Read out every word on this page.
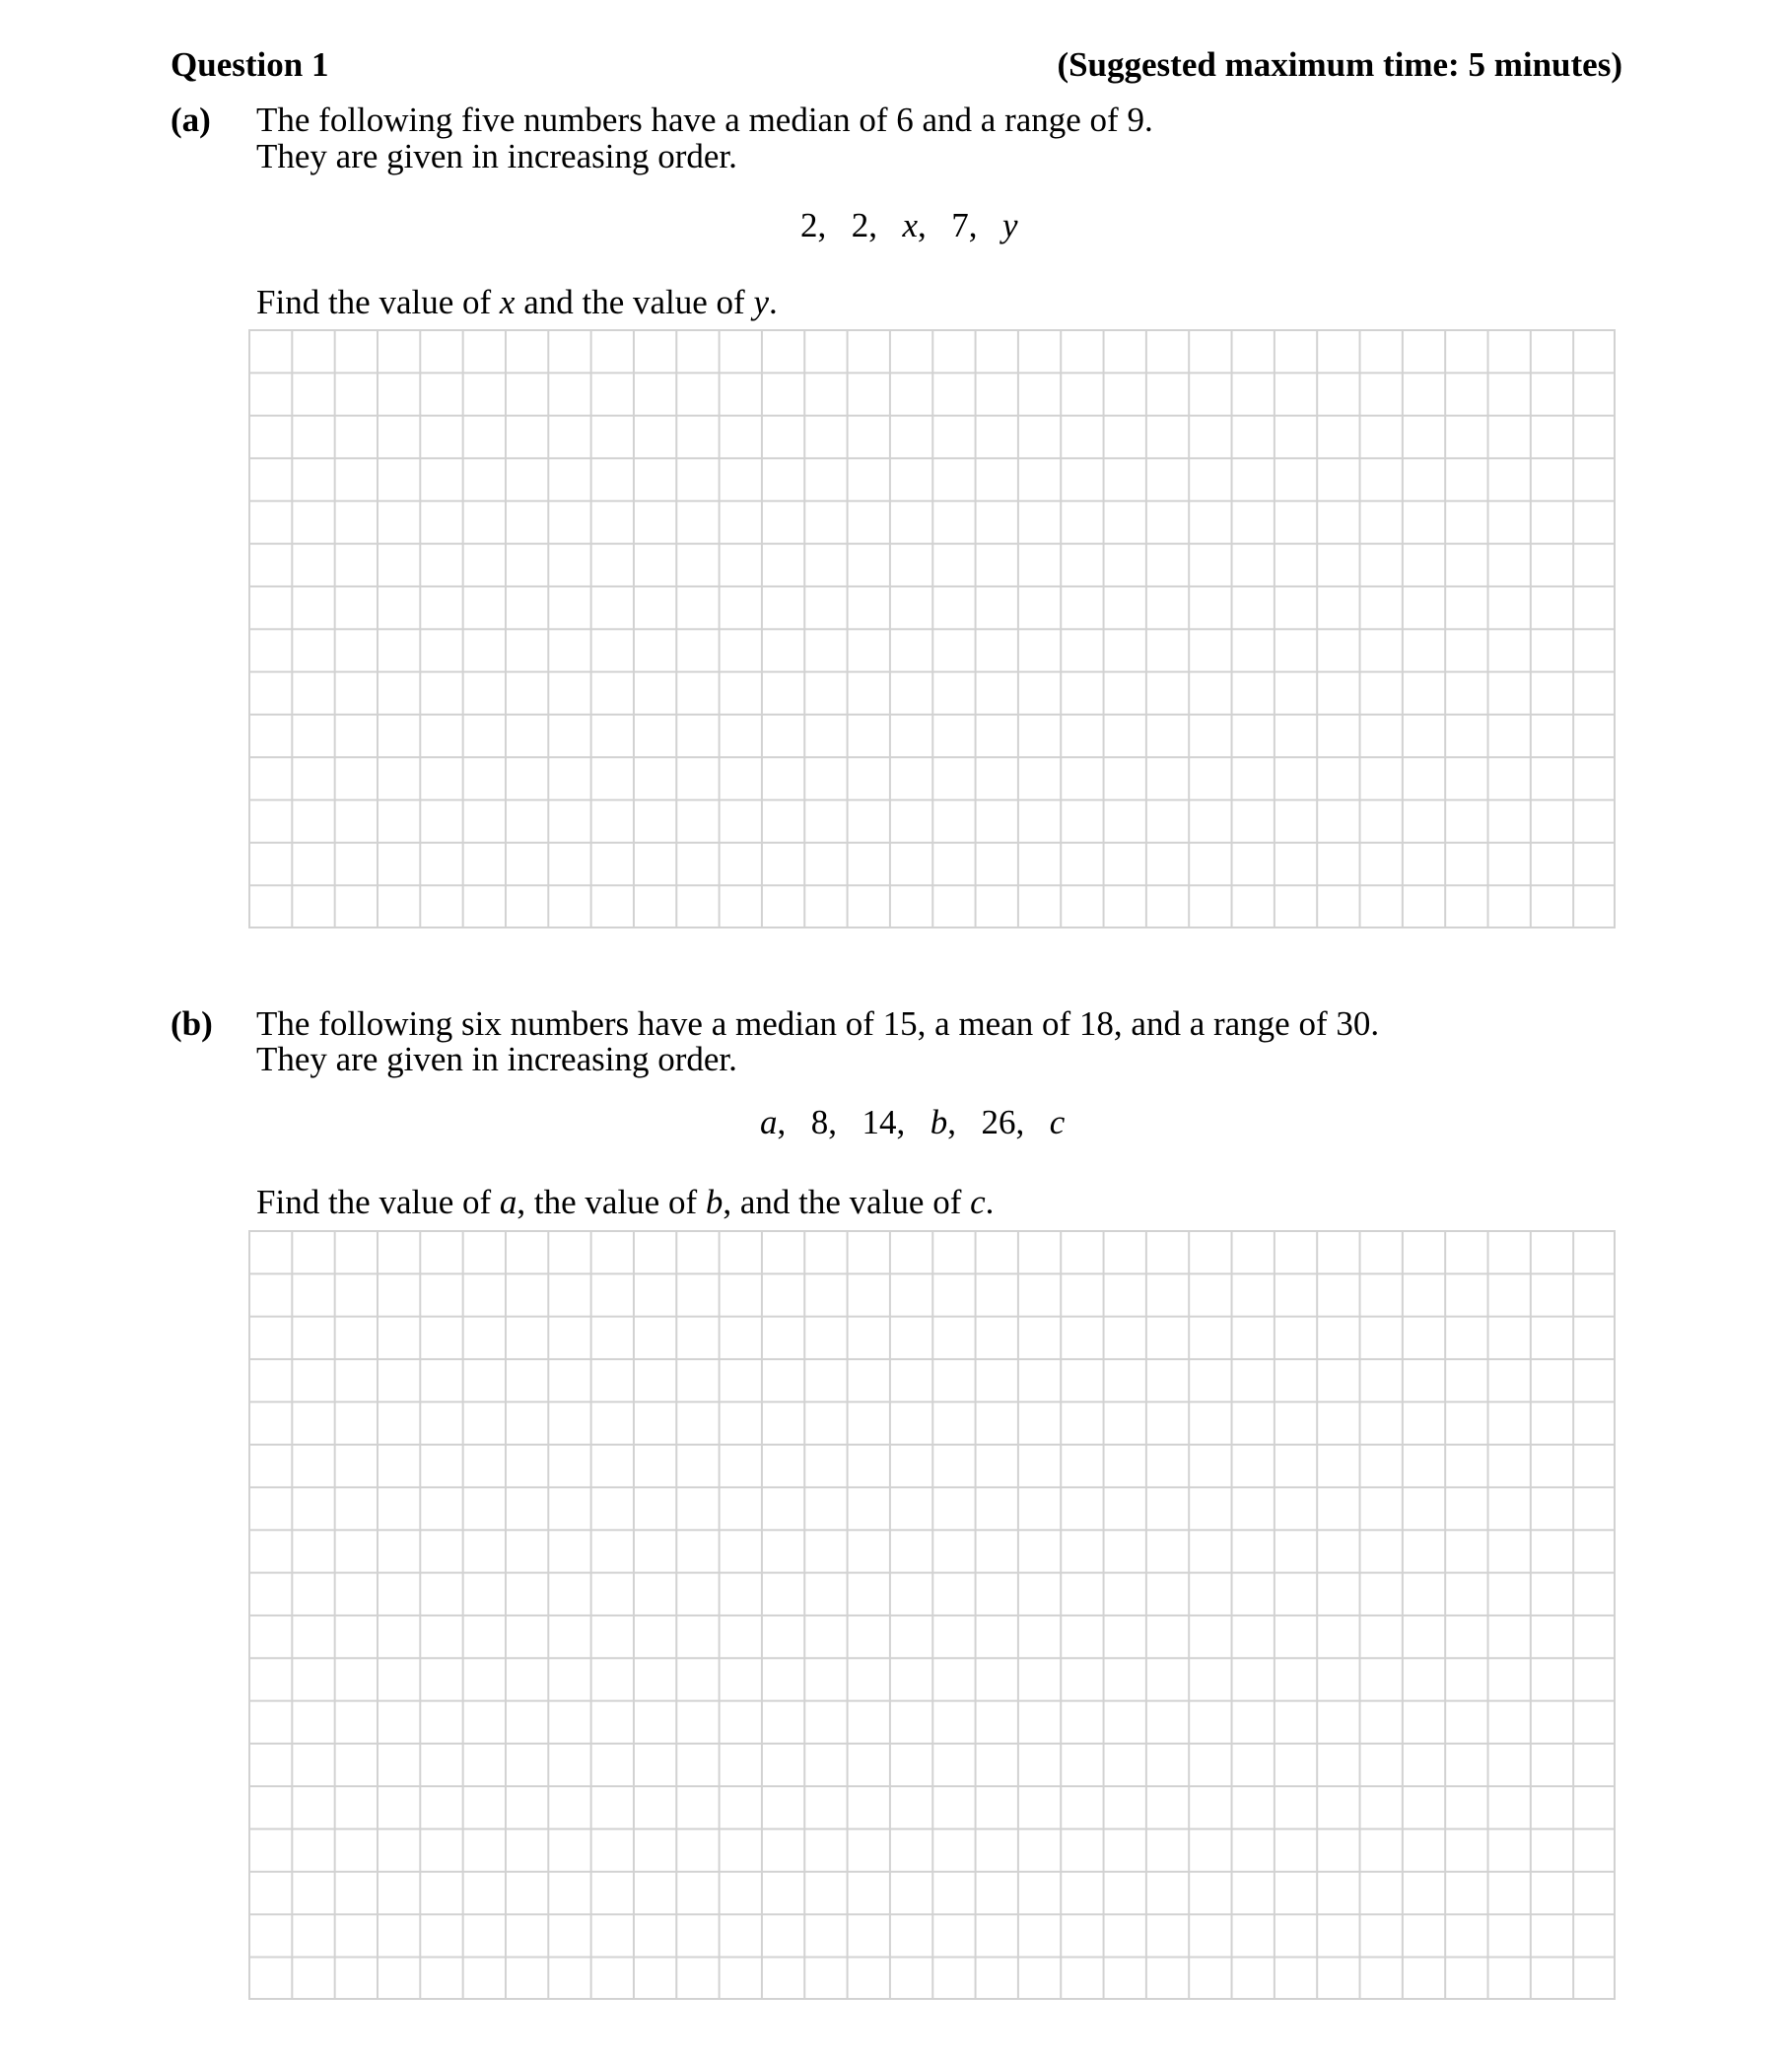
Question 1	(Suggested maximum time: 5 minutes)
(a) The following five numbers have a median of 6 and a range of 9.
They are given in increasing order.
2,  2,  x,  7,  y
Find the value of x and the value of y.
(b) The following six numbers have a median of 15, a mean of 18, and a range of 30.
They are given in increasing order.
a,  8,  14,  b,  26,  c
Find the value of a, the value of b, and the value of c.
